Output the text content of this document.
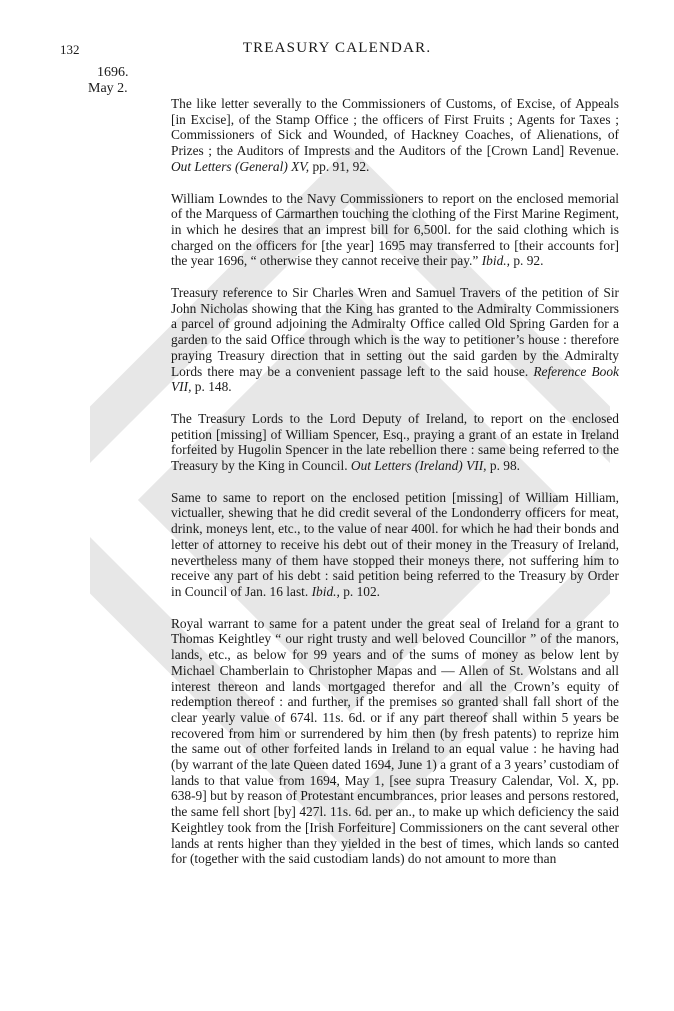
132	TREASURY CALENDAR.
1696.
May 2.

The like letter severally to the Commissioners of Customs, of Excise, of Appeals [in Excise], of the Stamp Office ; the officers of First Fruits ; Agents for Taxes ; Commissioners of Sick and Wounded, of Hackney Coaches, of Alienations, of Prizes ; the Auditors of Imprests and the Auditors of the [Crown Land] Revenue. Out Letters (General) XV, pp. 91, 92.

William Lowndes to the Navy Commissioners to report on the enclosed memorial of the Marquess of Carmarthen touching the clothing of the First Marine Regiment, in which he desires that an imprest bill for 6,500l. for the said clothing which is charged on the officers for [the year] 1695 may transferred to [their accounts for] the year 1696, “ otherwise they cannot receive their pay.” Ibid., p. 92.

Treasury reference to Sir Charles Wren and Samuel Travers of the petition of Sir John Nicholas showing that the King has granted to the Admiralty Commissioners a parcel of ground adjoining the Admiralty Office called Old Spring Garden for a garden to the said Office through which is the way to petitioner’s house : therefore praying Treasury direction that in setting out the said garden by the Admiralty Lords there may be a convenient passage left to the said house. Reference Book VII, p. 148.

The Treasury Lords to the Lord Deputy of Ireland, to report on the enclosed petition [missing] of William Spencer, Esq., praying a grant of an estate in Ireland forfeited by Hugolin Spencer in the late rebellion there : same being referred to the Treasury by the King in Council. Out Letters (Ireland) VII, p. 98.

Same to same to report on the enclosed petition [missing] of William Hilliam, victualler, shewing that he did credit several of the Londonderry officers for meat, drink, moneys lent, etc., to the value of near 400l. for which he had their bonds and letter of attorney to receive his debt out of their money in the Treasury of Ireland, nevertheless many of them have stopped their moneys there, not suffering him to receive any part of his debt : said petition being referred to the Treasury by Order in Council of Jan. 16 last. Ibid., p. 102.

Royal warrant to same for a patent under the great seal of Ireland for a grant to Thomas Keightley “ our right trusty and well beloved Councillor ” of the manors, lands, etc., as below for 99 years and of the sums of money as below lent by Michael Chamberlain to Christopher Mapas and — Allen of St. Wolstans and all interest thereon and lands mortgaged therefor and all the Crown’s equity of redemption thereof : and further, if the premises so granted shall fall short of the clear yearly value of 674l. 11s. 6d. or if any part thereof shall within 5 years be recovered from him or surrendered by him then (by fresh patents) to reprize him the same out of other forfeited lands in Ireland to an equal value : he having had (by warrant of the late Queen dated 1694, June 1) a grant of a 3 years’ custodiam of lands to that value from 1694, May 1, [see supra Treasury Calendar, Vol. X, pp. 638-9] but by reason of Protestant encumbrances, prior leases and persons restored, the same fell short [by] 427l. 11s. 6d. per an., to make up which deficiency the said Keightley took from the [Irish Forfeiture] Commissioners on the cant several other lands at rents higher than they yielded in the best of times, which lands so canted for (together with the said custodiam lands) do not amount to more than
